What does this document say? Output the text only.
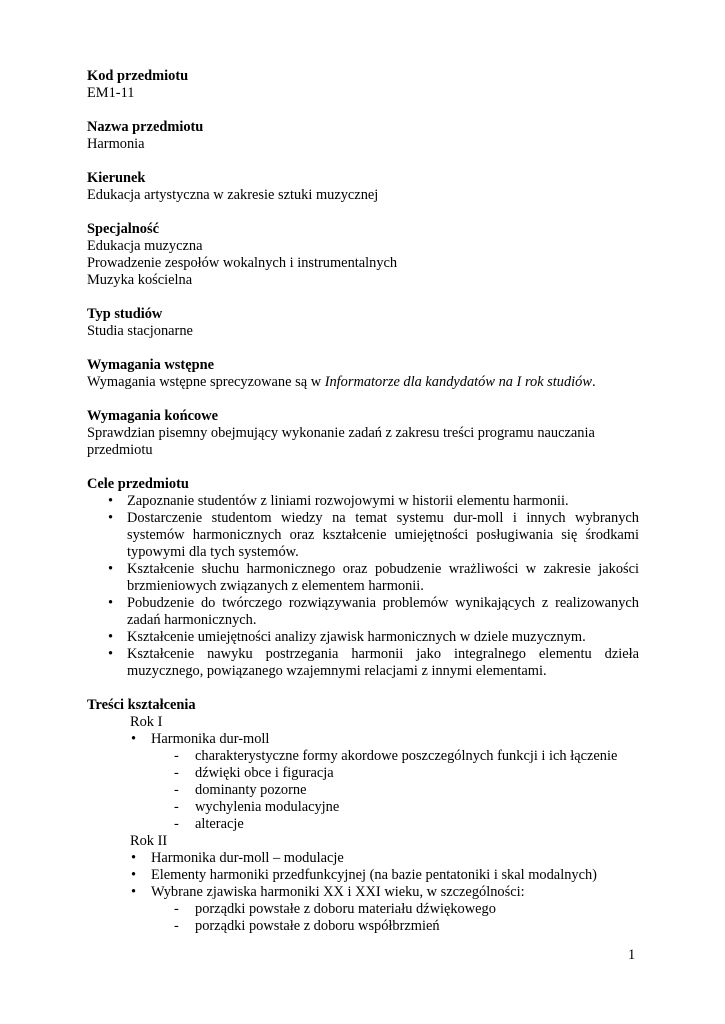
Kod przedmiotu
EM1-11
Nazwa przedmiotu
Harmonia
Kierunek
Edukacja artystyczna w zakresie sztuki muzycznej
Specjalność
Edukacja muzyczna
Prowadzenie zespołów wokalnych i instrumentalnych
Muzyka kościelna
Typ studiów
Studia stacjonarne
Wymagania wstępne
Wymagania wstępne sprecyzowane są w Informatorze dla kandydatów na I rok studiów.
Wymagania końcowe
Sprawdzian pisemny obejmujący wykonanie zadań z zakresu treści programu nauczania przedmiotu
Cele przedmiotu
• Zapoznanie studentów z liniami rozwojowymi w historii elementu harmonii.
• Dostarczenie studentom wiedzy na temat systemu dur-moll i innych wybranych systemów harmonicznych oraz kształcenie umiejętności posługiwania się środkami typowymi dla tych systemów.
• Kształcenie słuchu harmonicznego oraz pobudzenie wrażliwości w zakresie jakości brzmieniowych związanych z elementem harmonii.
• Pobudzenie do twórczego rozwiązywania problemów wynikających z realizowanych zadań harmonicznych.
• Kształcenie umiejętności analizy zjawisk harmonicznych w dziele muzycznym.
• Kształcenie nawyku postrzegania harmonii jako integralnego elementu dzieła muzycznego, powiązanego wzajemnymi relacjami z innymi elementami.
Treści kształcenia
Rok I
• Harmonika dur-moll
- charakterystyczne formy akordowe poszczególnych funkcji i ich łączenie
- dźwięki obce i figuracja
- dominanty pozorne
- wychylenia modulacyjne
- alteracje
Rok II
• Harmonika dur-moll – modulacje
• Elementy harmoniki przedfunkcyjnej (na bazie pentatoniki i skal modalnych)
• Wybrane zjawiska harmoniki XX i XXI wieku, w szczególności:
- porządki powstałe z doboru materiału dźwiękowego
- porządki powstałe z doboru współbrzmień
1
